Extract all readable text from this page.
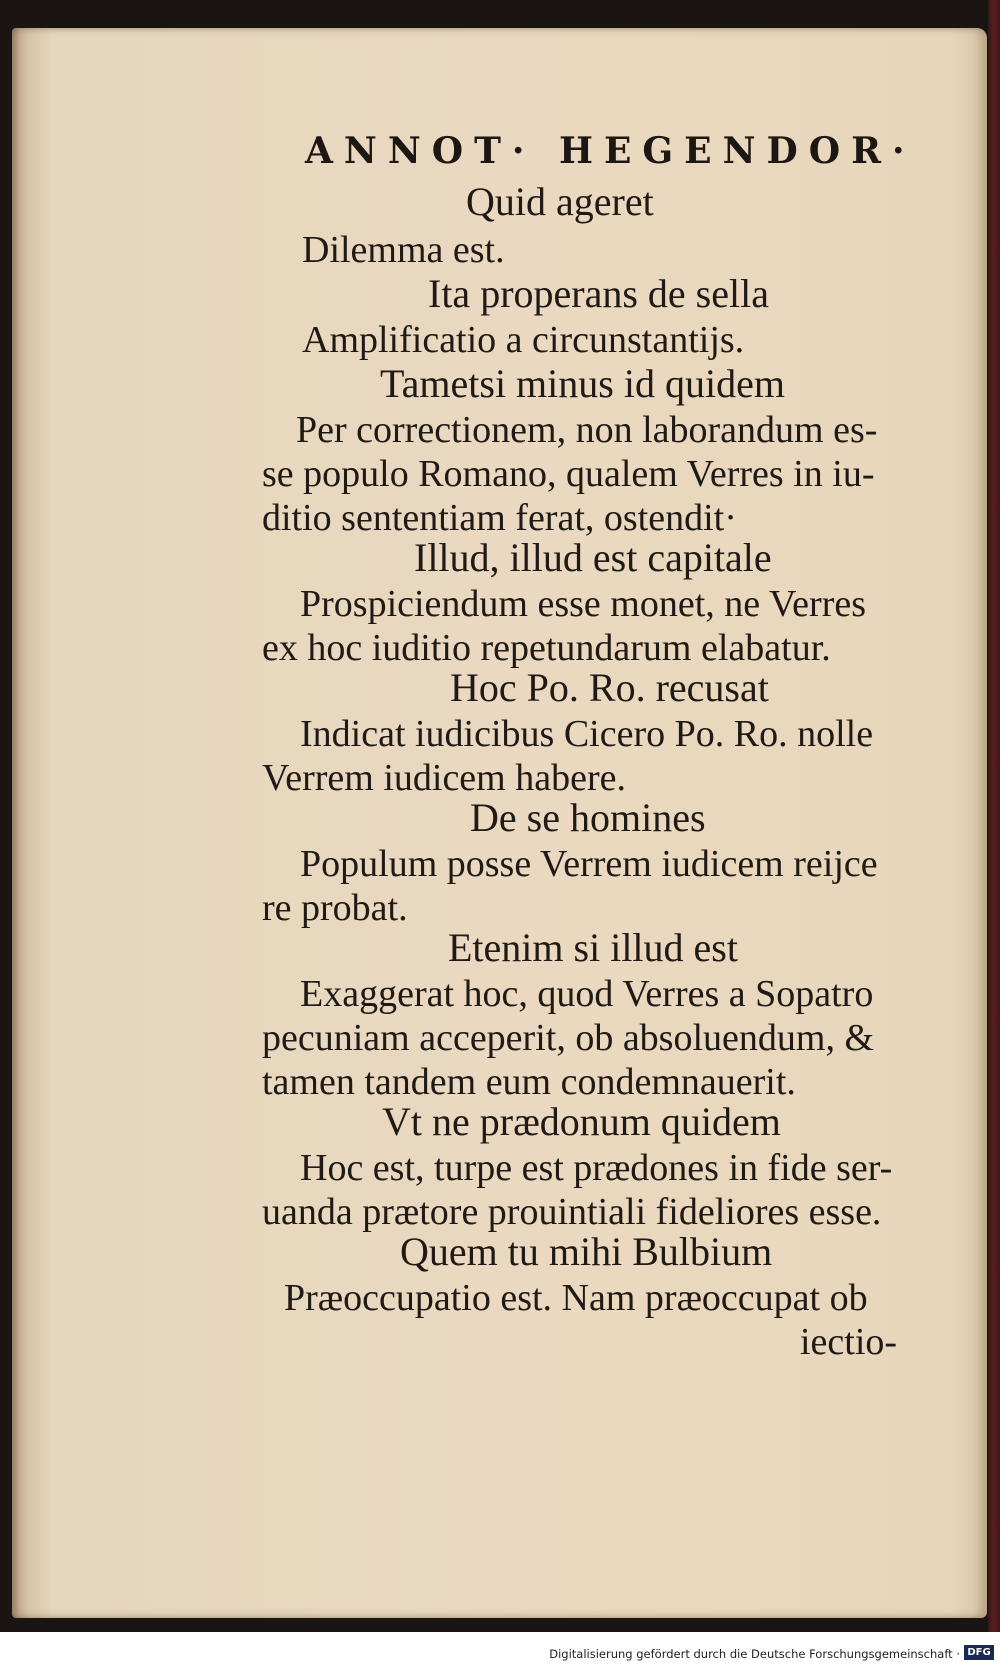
ANNOT· HEGENDOR·
Quid ageret
Dilemma est.
Ita properans de sella
Amplificatio a circunstantijs.
Tametsi minus id quidem
Per correctionem, non laborandum es-
se populo Romano, qualem Verres in iu-
ditio sententiam ferat, ostendit·
Illud, illud est capitale
Prospiciendum esse monet, ne Verres
ex hoc iuditio repetundarum elabatur.
Hoc Po. Ro. recusat
Indicat iudicibus Cicero Po. Ro. nolle
Verrem iudicem habere.
De se homines
Populum posse Verrem iudicem reijce
re probat.
Etenim si illud est
Exaggerat hoc, quod Verres a Sopatro
pecuniam acceperit, ob absoluendum, &
tamen tandem eum condemnauerit.
Vt ne prædonum quidem
Hoc est, turpe est prædones in fide ser-
uanda prætore prouintiali fideliores esse.
Quem tu mihi Bulbium
Præoccupatio est. Nam præoccupat ob
iectio-
Digitalisierung gefördert durch die Deutsche Forschungsgemeinschaft · DFG
